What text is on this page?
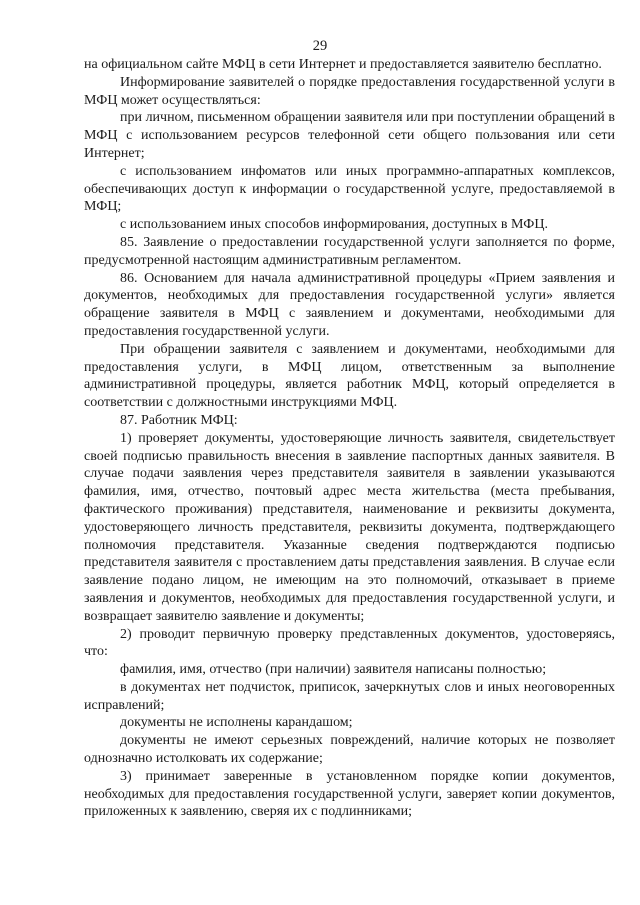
29

на официальном сайте МФЦ в сети Интернет и предоставляется заявителю бесплатно.

Информирование заявителей о порядке предоставления государственной услуги в МФЦ может осуществляться:

при личном, письменном обращении заявителя или при поступлении обращений в МФЦ с использованием ресурсов телефонной сети общего пользования или сети Интернет;

с использованием инфоматов или иных программно-аппаратных комплексов, обеспечивающих доступ к информации о государственной услуге, предоставляемой в МФЦ;

с использованием иных способов информирования, доступных в МФЦ.

85. Заявление о предоставлении государственной услуги заполняется по форме, предусмотренной настоящим административным регламентом.

86. Основанием для начала административной процедуры «Прием заявления и документов, необходимых для предоставления государственной услуги» является обращение заявителя в МФЦ с заявлением и документами, необходимыми для предоставления государственной услуги.

При обращении заявителя с заявлением и документами, необходимыми для предоставления услуги, в МФЦ лицом, ответственным за выполнение административной процедуры, является работник МФЦ, который определяется в соответствии с должностными инструкциями МФЦ.

87. Работник МФЦ:

1) проверяет документы, удостоверяющие личность заявителя, свидетельствует своей подписью правильность внесения в заявление паспортных данных заявителя. В случае подачи заявления через представителя заявителя в заявлении указываются фамилия, имя, отчество, почтовый адрес места жительства (места пребывания, фактического проживания) представителя, наименование и реквизиты документа, удостоверяющего личность представителя, реквизиты документа, подтверждающего полномочия представителя. Указанные сведения подтверждаются подписью представителя заявителя с проставлением даты представления заявления. В случае если заявление подано лицом, не имеющим на это полномочий, отказывает в приеме заявления и документов, необходимых для предоставления государственной услуги, и возвращает заявителю заявление и документы;

2) проводит первичную проверку представленных документов, удостоверяясь, что:

фамилия, имя, отчество (при наличии) заявителя написаны полностью;

в документах нет подчисток, приписок, зачеркнутых слов и иных неоговоренных исправлений;

документы не исполнены карандашом;

документы не имеют серьезных повреждений, наличие которых не позволяет однозначно истолковать их содержание;

3) принимает заверенные в установленном порядке копии документов, необходимых для предоставления государственной услуги, заверяет копии документов, приложенных к заявлению, сверяя их с подлинниками;
